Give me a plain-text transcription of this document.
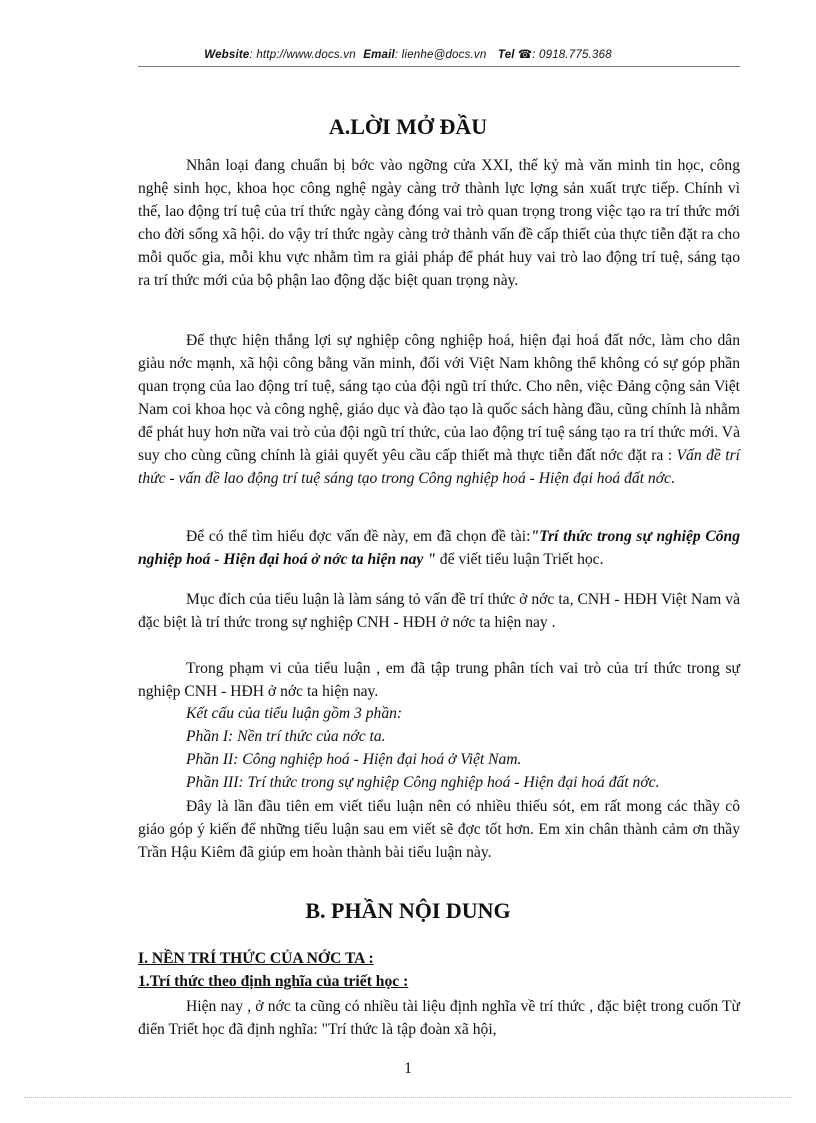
Website: http://www.docs.vn Email: lienhe@docs.vn Tel ☎: 0918.775.368
A.LỜI MỞ ĐẦU

Nhân loại đang chuẩn bị bớc vào ngỡng cửa XXI, thế kỷ mà văn minh tin học, công nghệ sinh học, khoa học công nghệ ngày càng trở thành lực lợng sản xuất trực tiếp. Chính vì thế, lao động trí tuệ của trí thức ngày càng đóng vai trò quan trọng trong việc tạo ra trí thức mới cho đời sống xã hội. do vậy trí thức ngày càng trở thành vấn đề cấp thiết của thực tiễn đặt ra cho mỗi quốc gia, mỗi khu vực nhằm tìm ra giải pháp để phát huy vai trò lao động trí tuệ, sáng tạo ra trí thức mới của bộ phận lao động dặc biệt quan trọng này.

Để thực hiện thắng lợi sự nghiệp công nghiệp hoá, hiện đại hoá đất nớc, làm cho dân giàu nớc mạnh, xã hội công bằng văn minh, đối với Việt Nam không thể không có sự góp phần quan trọng của lao động trí tuệ, sáng tạo của đội ngũ trí thức. Cho nên, việc Đảng cộng sản Việt Nam coi khoa học và công nghệ, giáo dục và đào tạo là quốc sách hàng đầu, cũng chính là nhằm để phát huy hơn nữa vai trò của đội ngũ trí thức, của lao động trí tuệ sáng tạo ra trí thức mới. Và suy cho cùng cũng chính là giải quyết yêu cầu cấp thiết mà thực tiễn đất nớc đặt ra : Vấn đề trí thức - vấn đề lao động trí tuệ sáng tạo trong Công nghiệp hoá - Hiện đại hoá đất nớc.

Để có thể tìm hiểu đợc vấn đề này, em đã chọn đề tài:"Trí thức trong sự nghiệp Công nghiệp hoá - Hiện đại hoá ở nớc ta hiện nay " để viết tiểu luận Triết học.

Mục đích của tiểu luận là làm sáng tỏ vấn đề trí thức ở nớc ta, CNH - HĐH Việt Nam và đặc biệt là trí thức trong sự nghiệp CNH - HĐH ở nớc ta hiện nay .

Trong phạm vi của tiểu luận , em đã tập trung phân tích vai trò của trí thức trong sự nghiệp CNH - HĐH ở nớc ta hiện nay.

Kết cấu của tiểu luận gồm 3 phần:
Phần I: Nền trí thức của nớc ta.
Phần II: Công nghiệp hoá - Hiện đại hoá ở Việt Nam.
Phần III: Trí thức trong sự nghiệp Công nghiệp hoá - Hiện đại hoá đất nớc.

Đây là lần đầu tiên em viết tiểu luận nên có nhiều thiếu sót, em rất mong các thầy cô giáo góp ý kiến để những tiểu luận sau em viết sẽ đợc tốt hơn. Em xin chân thành cảm ơn thầy Trần Hậu Kiêm đã giúp em hoàn thành bài tiểu luận này.

B. PHẦN NỘI DUNG
I. NỀN TRÍ THỨC CỦA NỚC TA :
1.Trí thức theo định nghĩa của triết học :

Hiện nay , ở nớc ta cũng có nhiều tài liệu định nghĩa về trí thức , đặc biệt trong cuốn Từ điển Triết học đã định nghĩa: "Trí thức là tập đoàn xã hội,

1
